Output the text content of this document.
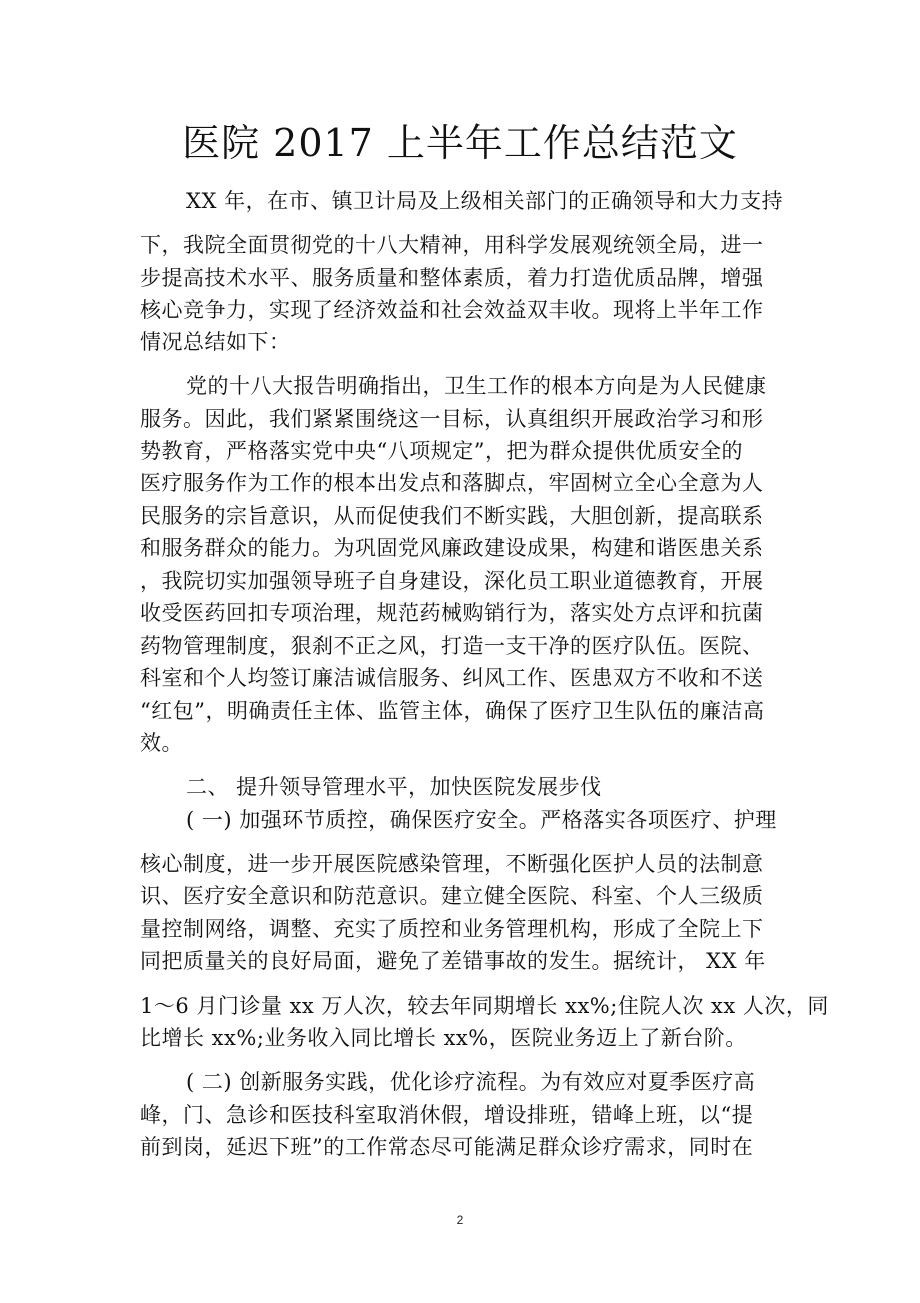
医院 2017 上半年工作总结范文
XX 年，在市、镇卫计局及上级相关部门的正确领导和大力支持
下，我院全面贯彻党的十八大精神，用科学发展观统领全局，进一
步提高技术水平、服务质量和整体素质，着力打造优质品牌，增强
核心竞争力，实现了经济效益和社会效益双丰收。现将上半年工作
情况总结如下：
党的十八大报告明确指出，卫生工作的根本方向是为人民健康
服务。因此，我们紧紧围绕这一目标，认真组织开展政治学习和形
势教育，严格落实党中央“八项规定”，把为群众提供优质安全的
医疗服务作为工作的根本出发点和落脚点，牢固树立全心全意为人
民服务的宗旨意识，从而促使我们不断实践，大胆创新，提高联系
和服务群众的能力。为巩固党风廉政建设成果，构建和谐医患关系
，我院切实加强领导班子自身建设，深化员工职业道德教育，开展
收受医药回扣专项治理，规范药械购销行为，落实处方点评和抗菌
药物管理制度，狠刹不正之风，打造一支干净的医疗队伍。医院、
科室和个人均签订廉洁诚信服务、纠风工作、医患双方不收和不送
“红包”，明确责任主体、监管主体，确保了医疗卫生队伍的廉洁高
效。
二、 提升领导管理水平，加快医院发展步伐
( 一) 加强环节质控，确保医疗安全。严格落实各项医疗、护理
核心制度，进一步开展医院感染管理，不断强化医护人员的法制意
识、医疗安全意识和防范意识。建立健全医院、科室、个人三级质
量控制网络，调整、充实了质控和业务管理机构，形成了全院上下
同把质量关的良好局面，避免了差错事故的发生。据统计， XX 年
1～6 月门诊量 xx 万人次，较去年同期增长 xx%;住院人次 xx 人次，同
比增长 xx%;业务收入同比增长 xx%，医院业务迈上了新台阶。
( 二) 创新服务实践，优化诊疗流程。为有效应对夏季医疗高
峰，门、急诊和医技科室取消休假，增设排班，错峰上班，以“提
前到岗，延迟下班”的工作常态尽可能满足群众诊疗需求，同时在
2
